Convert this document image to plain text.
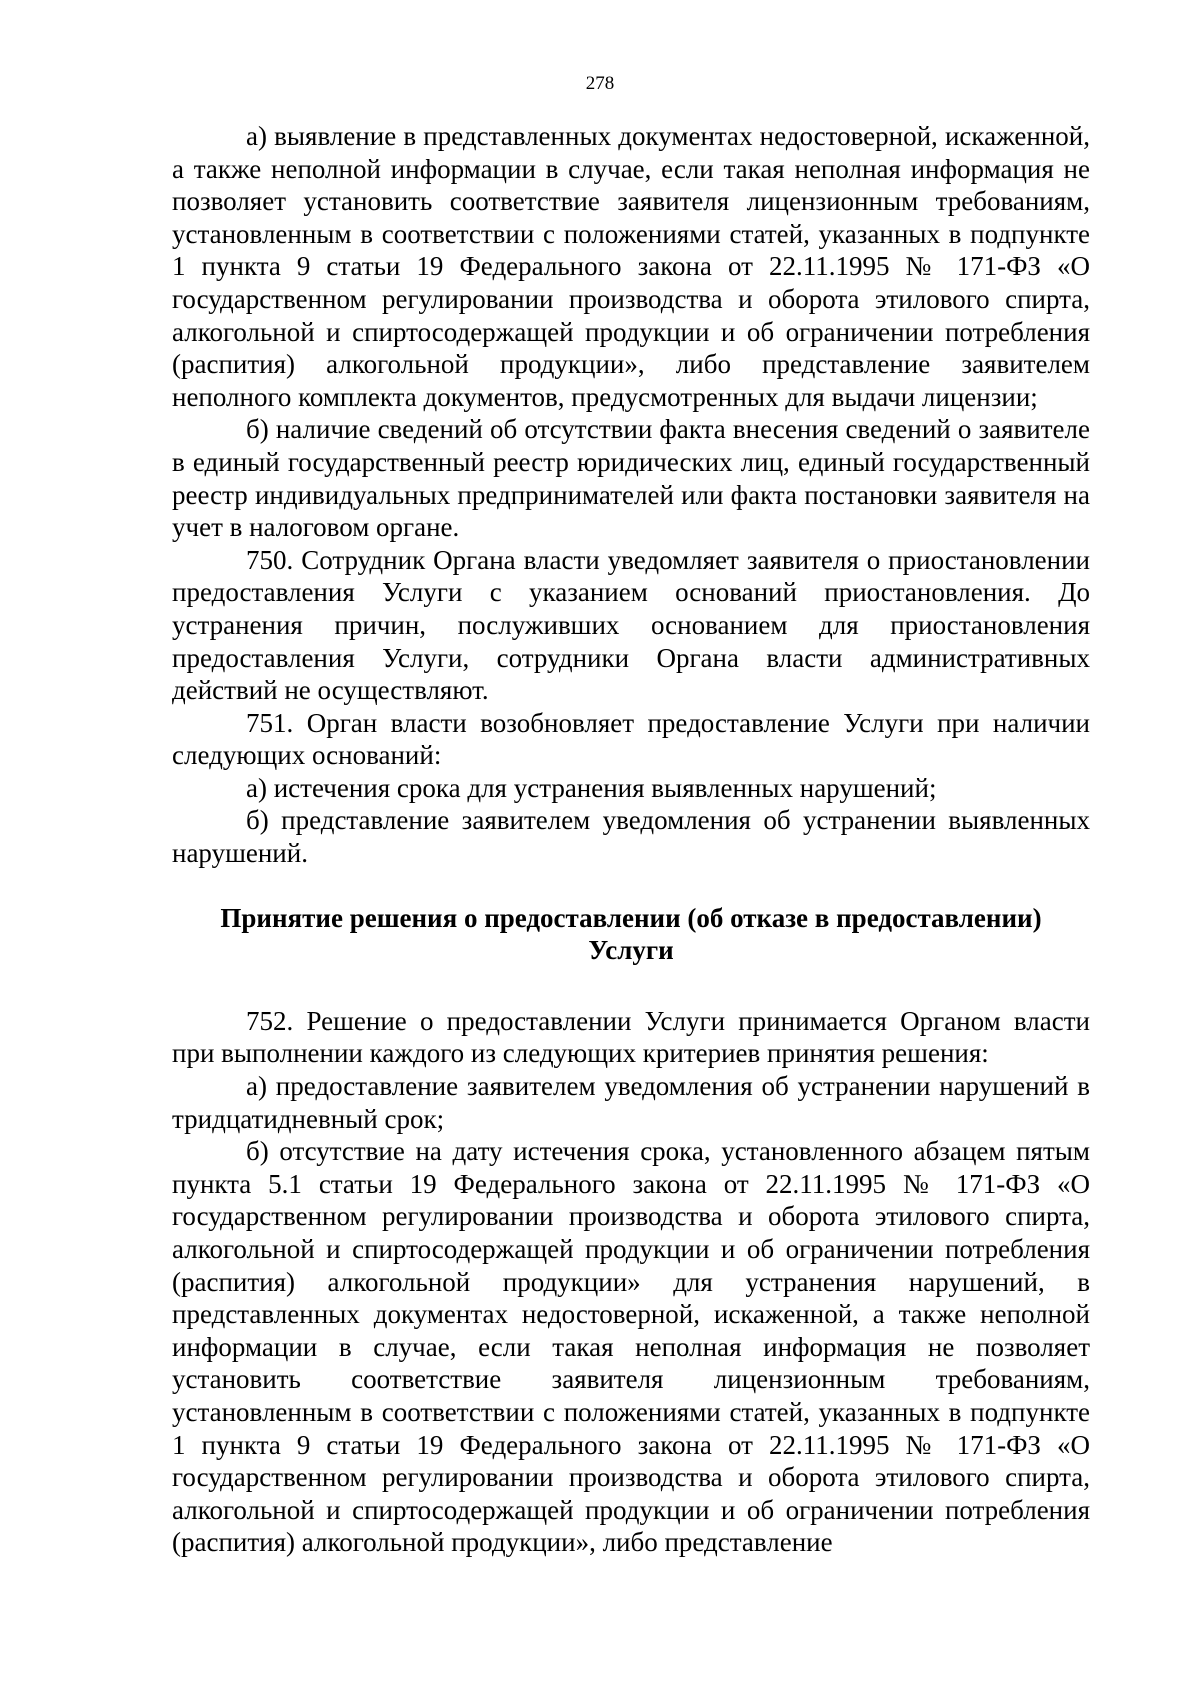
278

а) выявление в представленных документах недостоверной, искаженной, а также неполной информации в случае, если такая неполная информация не позволяет установить соответствие заявителя лицензионным требованиям, установленным в соответствии с положениями статей, указанных в подпункте 1 пункта 9 статьи 19 Федерального закона от 22.11.1995 № 171-ФЗ «О государственном регулировании производства и оборота этилового спирта, алкогольной и спиртосодержащей продукции и об ограничении потребления (распития) алкогольной продукции», либо представление заявителем неполного комплекта документов, предусмотренных для выдачи лицензии;

б) наличие сведений об отсутствии факта внесения сведений о заявителе в единый государственный реестр юридических лиц, единый государственный реестр индивидуальных предпринимателей или факта постановки заявителя на учет в налоговом органе.

750. Сотрудник Органа власти уведомляет заявителя о приостановлении предоставления Услуги с указанием оснований приостановления. До устранения причин, послуживших основанием для приостановления предоставления Услуги, сотрудники Органа власти административных действий не осуществляют.

751. Орган власти возобновляет предоставление Услуги при наличии следующих оснований:

а) истечения срока для устранения выявленных нарушений;

б) представление заявителем уведомления об устранении выявленных нарушений.

Принятие решения о предоставлении (об отказе в предоставлении)
Услуги

752. Решение о предоставлении Услуги принимается Органом власти при выполнении каждого из следующих критериев принятия решения:

а) предоставление заявителем уведомления об устранении нарушений в тридцатидневный срок;

б) отсутствие на дату истечения срока, установленного абзацем пятым пункта 5.1 статьи 19 Федерального закона от 22.11.1995 № 171-ФЗ «О государственном регулировании производства и оборота этилового спирта, алкогольной и спиртосодержащей продукции и об ограничении потребления (распития) алкогольной продукции» для устранения нарушений, в представленных документах недостоверной, искаженной, а также неполной информации в случае, если такая неполная информация не позволяет установить соответствие заявителя лицензионным требованиям, установленным в соответствии с положениями статей, указанных в подпункте 1 пункта 9 статьи 19 Федерального закона от 22.11.1995 № 171-ФЗ «О государственном регулировании производства и оборота этилового спирта, алкогольной и спиртосодержащей продукции и об ограничении потребления (распития) алкогольной продукции», либо представление
